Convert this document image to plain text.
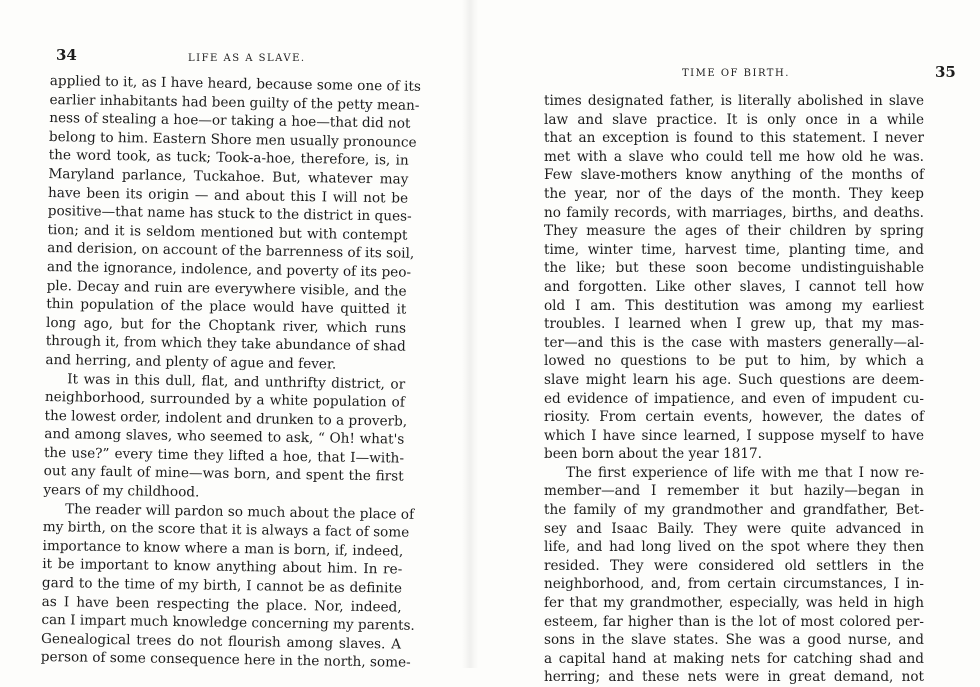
34	LIFE AS A SLAVE.
applied to it, as I have heard, because some one of its
earlier inhabitants had been guilty of the petty mean-
ness of stealing a hoe—or taking a hoe—that did not
belong to him. Eastern Shore men usually pronounce
the word took, as tuck; Took-a-hoe, therefore, is, in
Maryland parlance, Tuckahoe. But, whatever may
have been its origin — and about this I will not be
positive—that name has stuck to the district in ques-
tion; and it is seldom mentioned but with contempt
and derision, on account of the barrenness of its soil,
and the ignorance, indolence, and poverty of its peo-
ple. Decay and ruin are everywhere visible, and the
thin population of the place would have quitted it
long ago, but for the Choptank river, which runs
through it, from which they take abundance of shad
and herring, and plenty of ague and fever.
It was in this dull, flat, and unthrifty district, or
neighborhood, surrounded by a white population of
the lowest order, indolent and drunken to a proverb,
and among slaves, who seemed to ask, “ Oh! what's
the use?” every time they lifted a hoe, that I—with-
out any fault of mine—was born, and spent the first
years of my childhood.
The reader will pardon so much about the place of
my birth, on the score that it is always a fact of some
importance to know where a man is born, if, indeed,
it be important to know anything about him. In re-
gard to the time of my birth, I cannot be as definite
as I have been respecting the place. Nor, indeed,
can I impart much knowledge concerning my parents.
Genealogical trees do not flourish among slaves. A
person of some consequence here in the north, some-
TIME OF BIRTH.	35
times designated father, is literally abolished in slave
law and slave practice. It is only once in a while
that an exception is found to this statement. I never
met with a slave who could tell me how old he was.
Few slave-mothers know anything of the months of
the year, nor of the days of the month. They keep
no family records, with marriages, births, and deaths.
They measure the ages of their children by spring
time, winter time, harvest time, planting time, and
the like; but these soon become undistinguishable
and forgotten. Like other slaves, I cannot tell how
old I am. This destitution was among my earliest
troubles. I learned when I grew up, that my mas-
ter—and this is the case with masters generally—al-
lowed no questions to be put to him, by which a
slave might learn his age. Such questions are deem-
ed evidence of impatience, and even of impudent cu-
riosity. From certain events, however, the dates of
which I have since learned, I suppose myself to have
been born about the year 1817.
The first experience of life with me that I now re-
member—and I remember it but hazily—began in
the family of my grandmother and grandfather, Bet-
sey and Isaac Baily. They were quite advanced in
life, and had long lived on the spot where they then
resided. They were considered old settlers in the
neighborhood, and, from certain circumstances, I in-
fer that my grandmother, especially, was held in high
esteem, far higher than is the lot of most colored per-
sons in the slave states. She was a good nurse, and
a capital hand at making nets for catching shad and
herring; and these nets were in great demand, not
